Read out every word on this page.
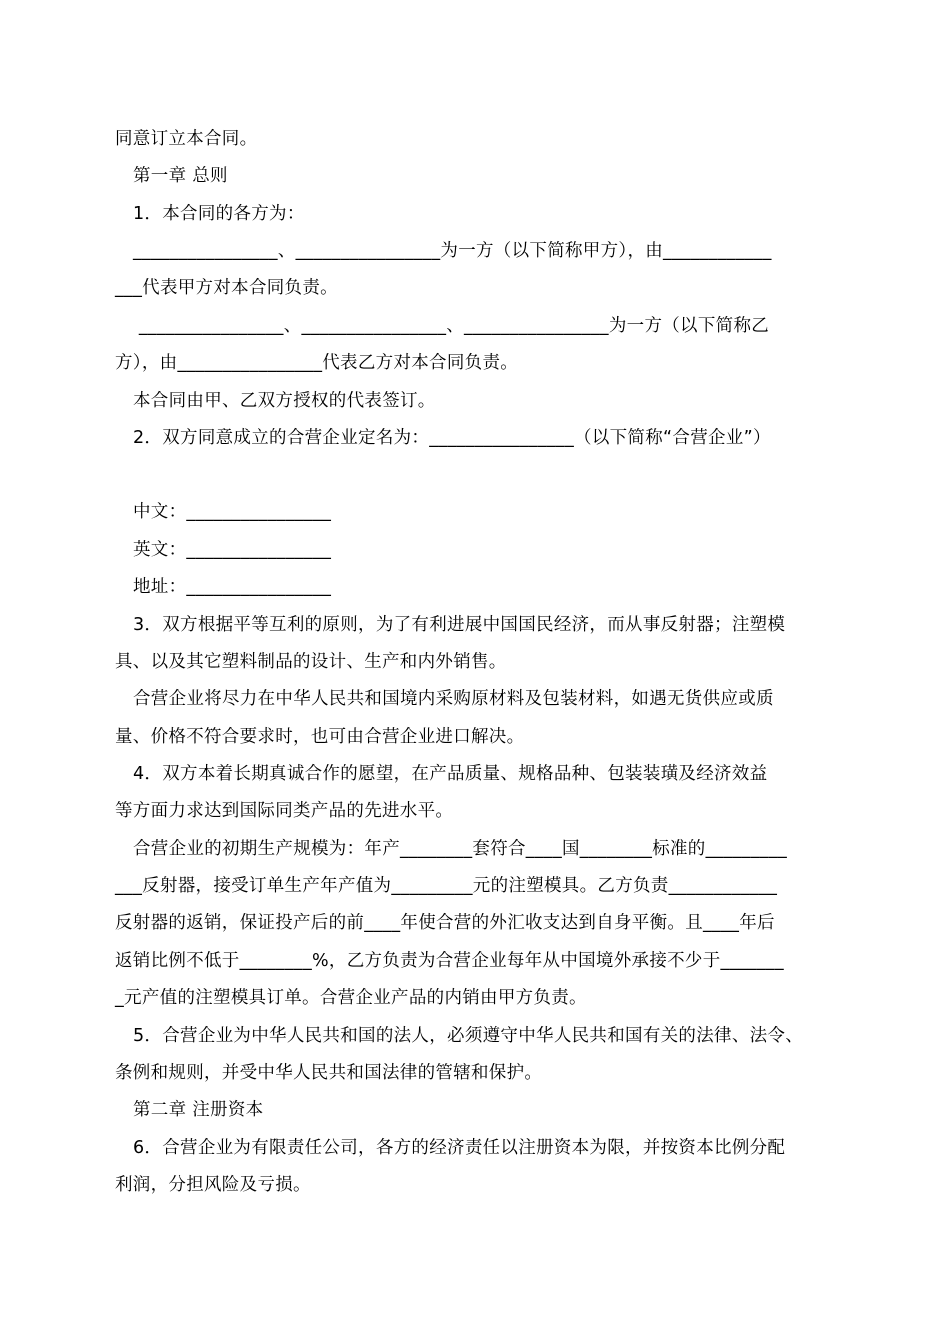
同意订立本合同。
第一章 总则
1．本合同的各方为：
________________、________________为一方（以下简称甲方），由____________
___代表甲方对本合同负责。
________________、________________、________________为一方（以下简称乙
方），由________________代表乙方对本合同负责。
本合同由甲、乙双方授权的代表签订。
2．双方同意成立的合营企业定名为：________________（以下简称“合营企业”）
中文：________________
英文：________________
地址：________________
3．双方根据平等互利的原则，为了有利进展中国国民经济，而从事反射器；注塑模
具、以及其它塑料制品的设计、生产和内外销售。
合营企业将尽力在中华人民共和国境内采购原材料及包装材料，如遇无货供应或质
量、价格不符合要求时，也可由合营企业进口解决。
4．双方本着长期真诚合作的愿望，在产品质量、规格品种、包装装璜及经济效益
等方面力求达到国际同类产品的先进水平。
合营企业的初期生产规模为：年产________套符合____国________标准的_________
___反射器，接受订单生产年产值为_________元的注塑模具。乙方负责____________
反射器的返销，保证投产后的前____年使合营的外汇收支达到自身平衡。且____年后
返销比例不低于________%，乙方负责为合营企业每年从中国境外承接不少于_______
_元产值的注塑模具订单。合营企业产品的内销由甲方负责。
5．合营企业为中华人民共和国的法人，必须遵守中华人民共和国有关的法律、法令、
条例和规则，并受中华人民共和国法律的管辖和保护。
第二章 注册资本
6．合营企业为有限责任公司，各方的经济责任以注册资本为限，并按资本比例分配
利润，分担风险及亏损。
